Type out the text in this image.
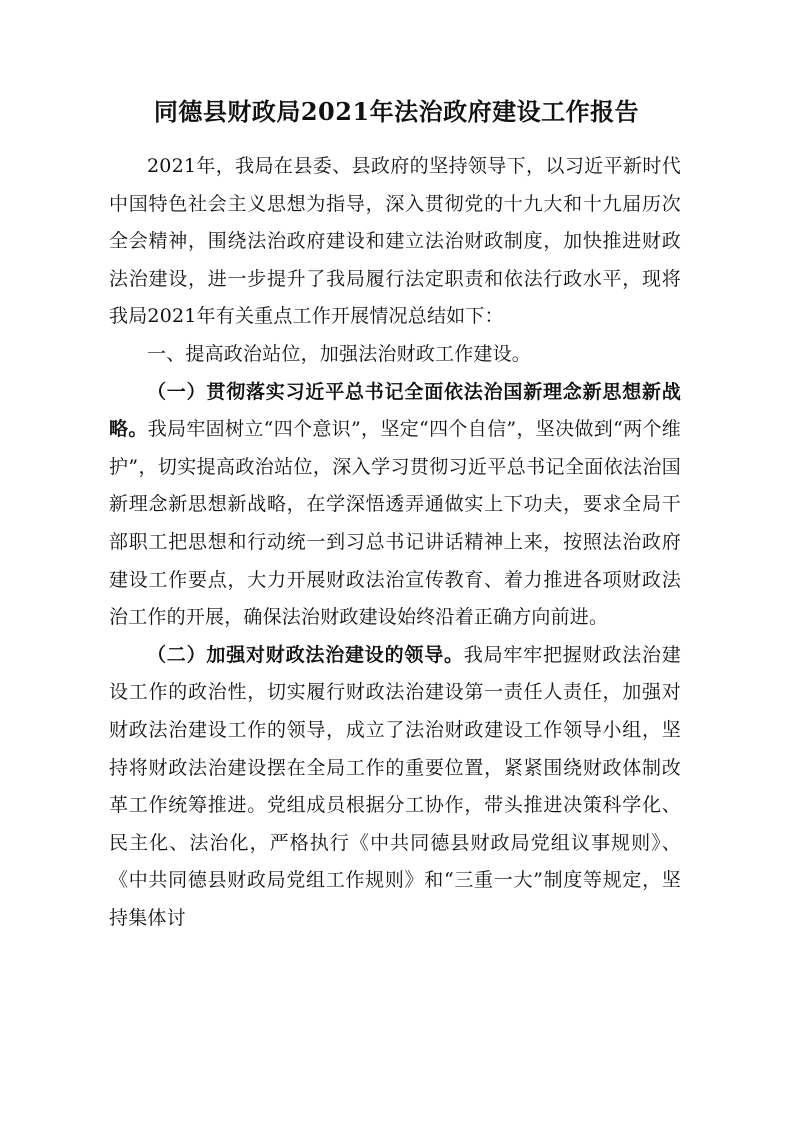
同德县财政局2021年法治政府建设工作报告

2021年，我局在县委、县政府的坚持领导下，以习近平新时代中国特色社会主义思想为指导，深入贯彻党的十九大和十九届历次全会精神，围绕法治政府建设和建立法治财政制度，加快推进财政法治建设，进一步提升了我局履行法定职责和依法行政水平，现将我局2021年有关重点工作开展情况总结如下：

一、提高政治站位，加强法治财政工作建设。

（一）贯彻落实习近平总书记全面依法治国新理念新思想新战略。我局牢固树立“四个意识”，坚定“四个自信”，坚决做到“两个维护”，切实提高政治站位，深入学习贯彻习近平总书记全面依法治国新理念新思想新战略，在学深悟透弄通做实上下功夫，要求全局干部职工把思想和行动统一到习总书记讲话精神上来，按照法治政府建设工作要点，大力开展财政法治宣传教育、着力推进各项财政法治工作的开展，确保法治财政建设始终沿着正确方向前进。

（二）加强对财政法治建设的领导。我局牢牢把握财政法治建设工作的政治性，切实履行财政法治建设第一责任人责任，加强对财政法治建设工作的领导，成立了法治财政建设工作领导小组，坚持将财政法治建设摆在全局工作的重要位置，紧紧围绕财政体制改革工作统筹推进。党组成员根据分工协作，带头推进决策科学化、民主化、法治化，严格执行《中共同德县财政局党组议事规则》、《中共同德县财政局党组工作规则》和“三重一大”制度等规定，坚持集体讨
